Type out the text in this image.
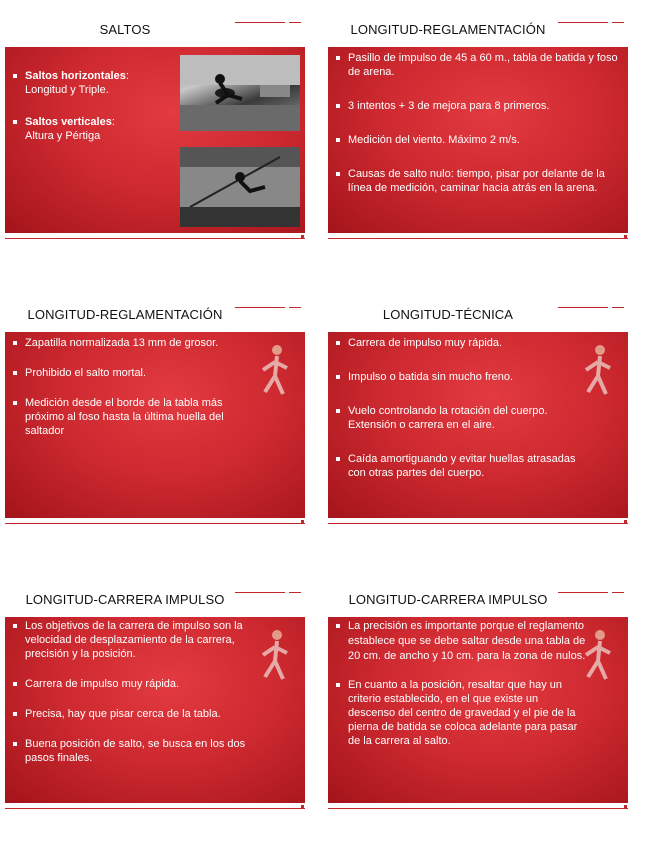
SALTOS
Saltos horizontales:
Longitud y Triple.
Saltos verticales:
Altura y Pértiga
LONGITUD-REGLAMENTACIÓN
Pasillo de impulso de 45 a 60 m., tabla de batida y foso de arena.
3 intentos + 3 de mejora para 8 primeros.
Medición del viento. Máximo 2 m/s.
Causas de salto nulo: tiempo, pisar por delante de la línea de medición, caminar hacia atrás en la arena.
LONGITUD-REGLAMENTACIÓN
Zapatilla normalizada 13 mm de grosor.
Prohibido el salto mortal.
Medición desde el borde de la tabla más próximo al foso hasta la última huella del saltador
LONGITUD-TÉCNICA
Carrera de impulso muy rápida.
Impulso o batida sin mucho freno.
Vuelo controlando la rotación del cuerpo. Extensión o carrera en el aire.
Caída amortiguando y evitar huellas atrasadas con otras partes del cuerpo.
LONGITUD-CARRERA IMPULSO
Los objetivos de la carrera de impulso son la velocidad de desplazamiento de la carrera, precisión y la posición.
Carrera de impulso muy rápida.
Precisa, hay que pisar cerca de la tabla.
Buena posición de salto, se busca en los dos pasos finales.
LONGITUD-CARRERA IMPULSO
La precisión es importante porque el reglamento establece que se debe saltar desde una tabla de 20 cm. de ancho y 10 cm. para la zona de nulos.
En cuanto a la posición, resaltar que hay un criterio establecido, en el que existe un descenso del centro de gravedad y el pie de la pierna de batida se coloca adelante para pasar de la carrera al salto.
